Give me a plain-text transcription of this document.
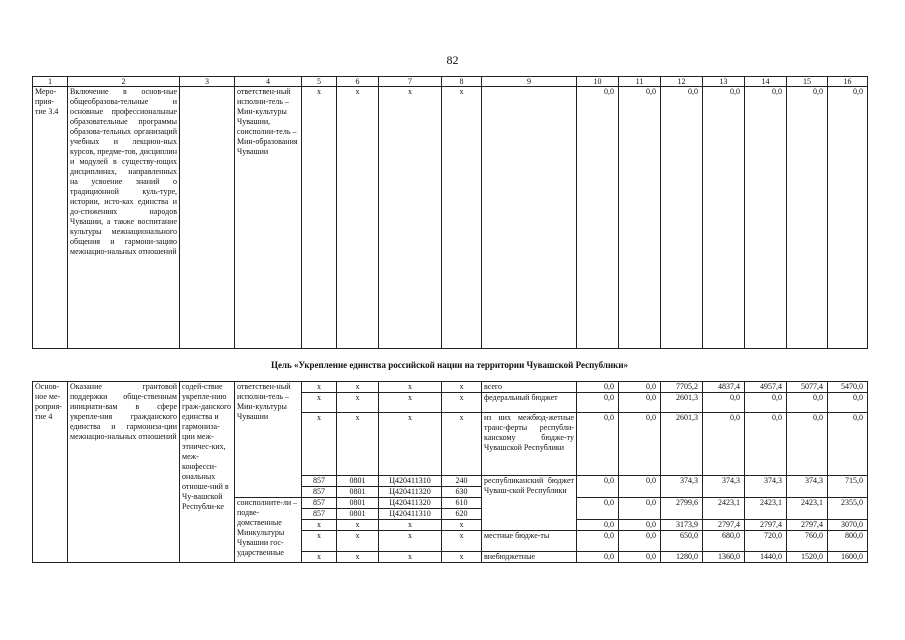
82
1	2	3	4	5	6	7	8	9	10	11	12	13	14	15	16
Меро-прия-тие 3.4	Включение в основ-ные общеобразова-тельные и основные профессиональные образовательные программы образова-тельных организаций учебных и лекцион-ных курсов, предме-тов, дисциплин и модулей в существу-ющих дисциплинах, направленных на усвоение знаний о традиционной куль-туре, истории, исто-ках единства и до-стижениях народов Чувашии, а также воспитание культуры межнационального общения и гармони-зацию межнацио-нальных отношений		ответствен-ный исполни-тель – Мин-культуры Чувашии, соисполни-тель – Мин-образования Чувашии	x	x	x	x		0,0	0,0	0,0	0,0	0,0	0,0	0,0
Цель «Укрепление единства российской нации на территории Чувашской Республики»
Основ-ное ме-роприя-тие 4	Оказание грантовой поддержки обще-ственным инициати-вам в сфере укрепле-ния гражданского единства и гармониза-ции межнацио-нальных отношений	содей-ствие укрепле-нию граж-данского единства и гармониза-ции меж-этничес-ких, меж-конфесси-ональных отноше-ний в Чу-вашской Республи-ке	ответствен-ный исполни-тель – Мин-культуры Чувашии	x	x	x	x	всего	0,0	0,0	7705,2	4837,4	4957,4	5077,4	5470,0
				x	x	x	x	федеральный бюджет	0,0	0,0	2601,3	0,0	0,0	0,0	0,0
				x	x	x	x	из них межбюд-жетные транс-ферты республи-канскому бюдже-ту Чувашской Республики	0,0	0,0	2601,3	0,0	0,0	0,0	0,0
				857	0801	Ц420411310	240	республиканский бюджет Чуваш-ской Республики	0,0	0,0	374,3	374,3	374,3	374,3	715,0
				857	0801	Ц420411320	630								
			соисполните-ли – подве-домственные Минкультуры Чувашии гос-ударственные	857	0801	Ц420411320	610		0,0	0,0	2799,6	2423,1	2423,1	2423,1	2355,0
				857	0801	Ц420411310	620								
				x	x	x	x		0,0	0,0	3173,9	2797,4	2797,4	2797,4	3070,0
				x	x	x	x	местные бюдже-ты	0,0	0,0	650,0	680,0	720,0	760,0	800,0
				x	x	x	x	внебюджетные	0,0	0,0	1280,0	1360,0	1440,0	1520,0	1600,0
